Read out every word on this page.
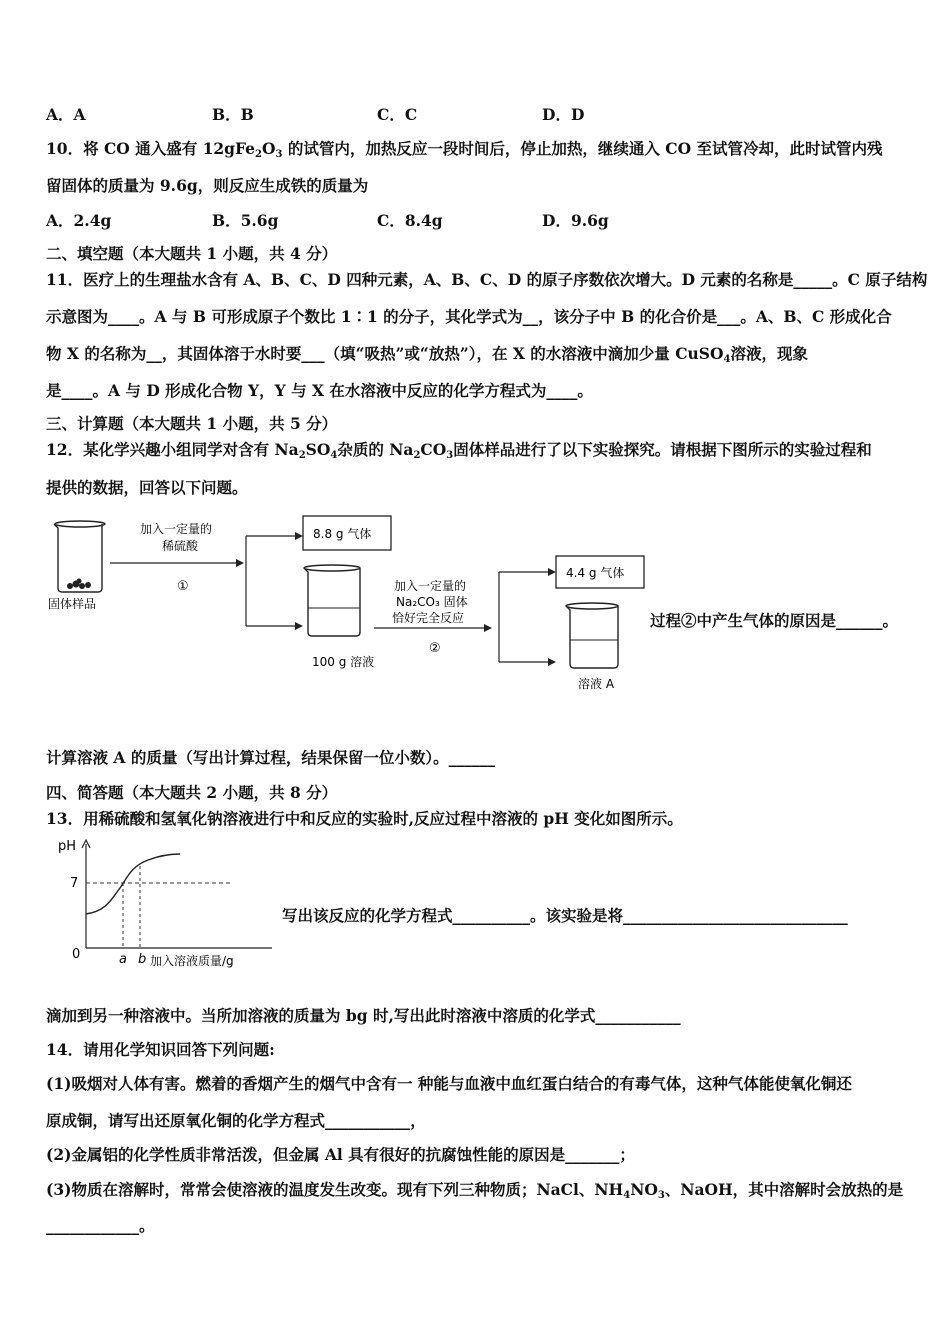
A．A	B．B	C．C	D．D
10．将 CO 通入盛有 $12gFe_2O_3$ 的试管内，加热反应一段时间后，停止加热，继续通入 CO 至试管冷却，此时试管内残
留固体的质量为 9.6g，则反应生成铁的质量为
A．2.4g	B．5.6g	C．8.4g	D．9.6g
二、填空题（本大题共 1 小题，共 4 分）
11．医疗上的生理盐水含有 A、B、C、D 四种元素，A、B、C、D 的原子序数依次增大。D 元素的名称是_____。C 原子结构
示意图为____。A 与 B 可形成原子个数比 1∶1 的分子，其化学式为__，该分子中 B 的化合价是___。A、B、C 形成化合
物 X 的名称为__，其固体溶于水时要___（填“吸热”或“放热”），在 X 的水溶液中滴加少量 CuSO$_4$溶液，现象
是____。A 与 D 形成化合物 Y，Y 与 X 在水溶液中反应的化学方程式为____。
三、计算题（本大题共 1 小题，共 5 分）
12．某化学兴趣小组同学对含有 $Na_2SO_4$杂质的 $Na_2CO_3$固体样品进行了以下实验探究。请根据下图所示的实验过程和
提供的数据，回答以下问题。
固体样品
加入一定量的
稀硫酸
①
8.8 g 气体
100 g 溶液
加入一定量的
Na₂CO₃ 固体
恰好完全反应
②
4.4 g 气体
溶液 A
过程②中产生气体的原因是______。
计算溶液 A 的质量（写出计算过程，结果保留一位小数）。______
四、简答题（本大题共 2 小题，共 8 分）
13．用稀硫酸和氢氧化钠溶液进行中和反应的实验时,反应过程中溶液的 pH 变化如图所示。
pH
7
0	a b 加入溶液质量/g
写出该反应的化学方程式__________。该实验是将_____________________________
滴加到另一种溶液中。当所加溶液的质量为 bg 时,写出此时溶液中溶质的化学式___________
14．请用化学知识回答下列问题:
(1)吸烟对人体有害。燃着的香烟产生的烟气中含有一 种能与血液中血红蛋白结合的有毒气体，这种气体能使氧化铜还
原成铜，请写出还原氧化铜的化学方程式___________，
(2)金属铝的化学性质非常活泼，但金属 Al 具有很好的抗腐蚀性能的原因是_______；
(3)物质在溶解时，常常会使溶液的温度发生改变。现有下列三种物质；NaCl、$NH_4NO_3$、NaOH，其中溶解时会放热的是
____________。
